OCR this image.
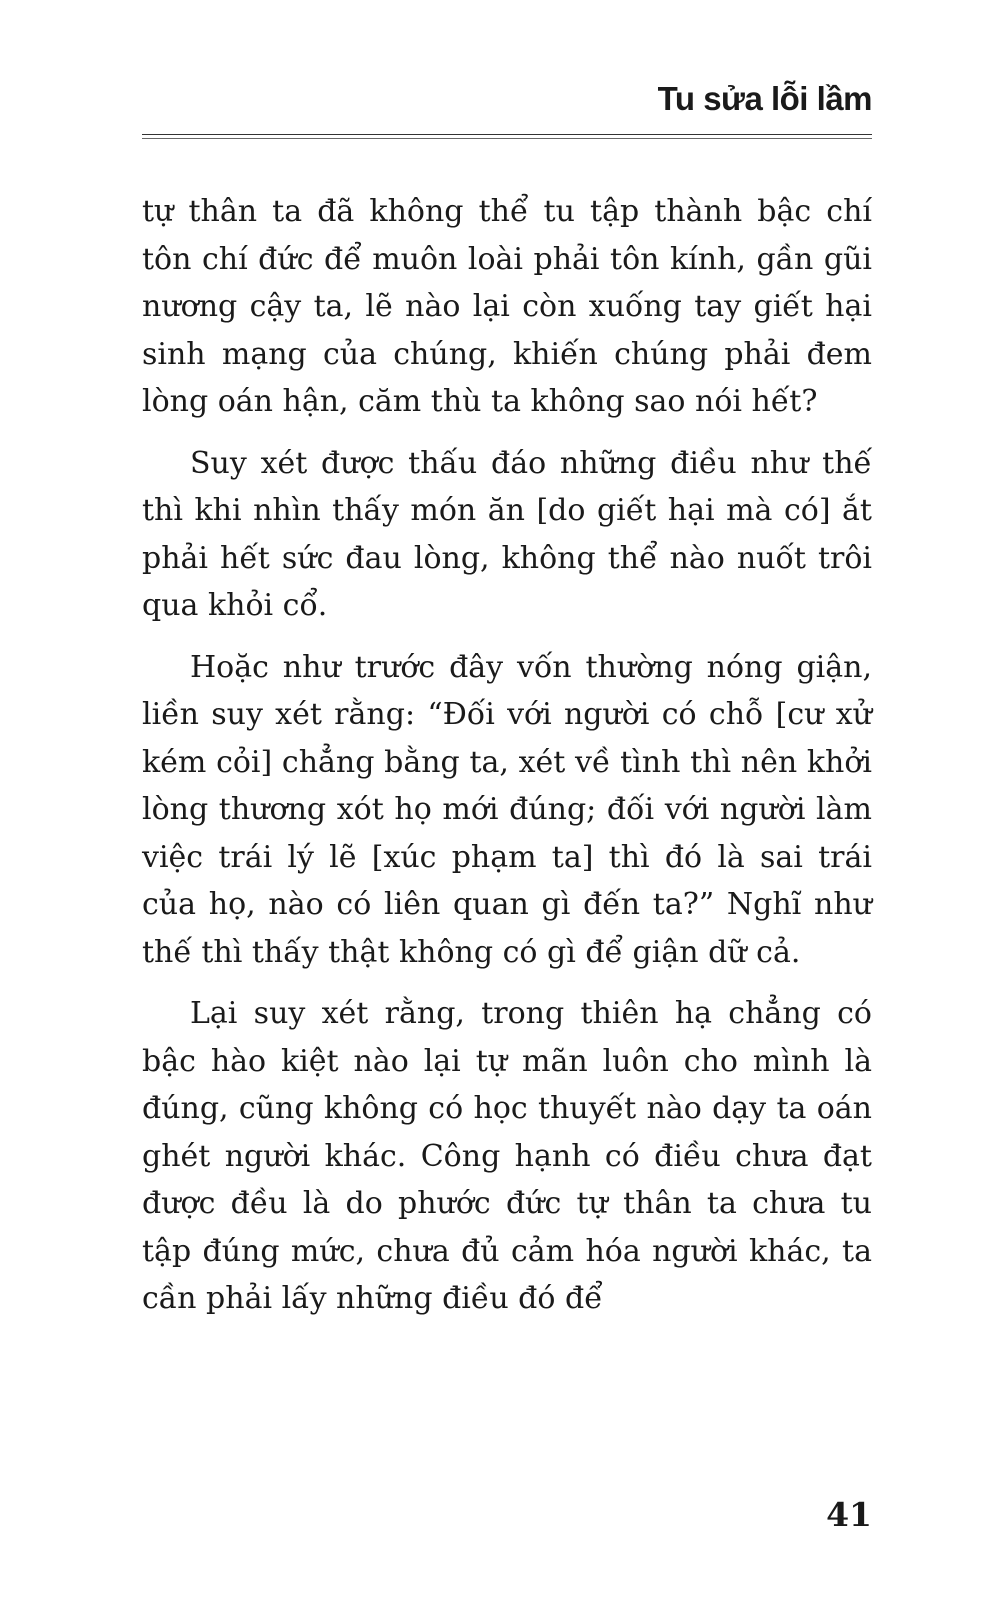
Tu sửa lỗi lầm

tự thân ta đã không thể tu tập thành bậc chí tôn chí đức để muôn loài phải tôn kính, gần gũi nương cậy ta, lẽ nào lại còn xuống tay giết hại sinh mạng của chúng, khiến chúng phải đem lòng oán hận, căm thù ta không sao nói hết?

Suy xét được thấu đáo những điều như thế thì khi nhìn thấy món ăn [do giết hại mà có] ắt phải hết sức đau lòng, không thể nào nuốt trôi qua khỏi cổ.

Hoặc như trước đây vốn thường nóng giận, liền suy xét rằng: “Đối với người có chỗ [cư xử kém cỏi] chẳng bằng ta, xét về tình thì nên khởi lòng thương xót họ mới đúng; đối với người làm việc trái lý lẽ [xúc phạm ta] thì đó là sai trái của họ, nào có liên quan gì đến ta?” Nghĩ như thế thì thấy thật không có gì để giận dữ cả.

Lại suy xét rằng, trong thiên hạ chẳng có bậc hào kiệt nào lại tự mãn luôn cho mình là đúng, cũng không có học thuyết nào dạy ta oán ghét người khác. Công hạnh có điều chưa đạt được đều là do phước đức tự thân ta chưa tu tập đúng mức, chưa đủ cảm hóa người khác, ta cần phải lấy những điều đó để

41
